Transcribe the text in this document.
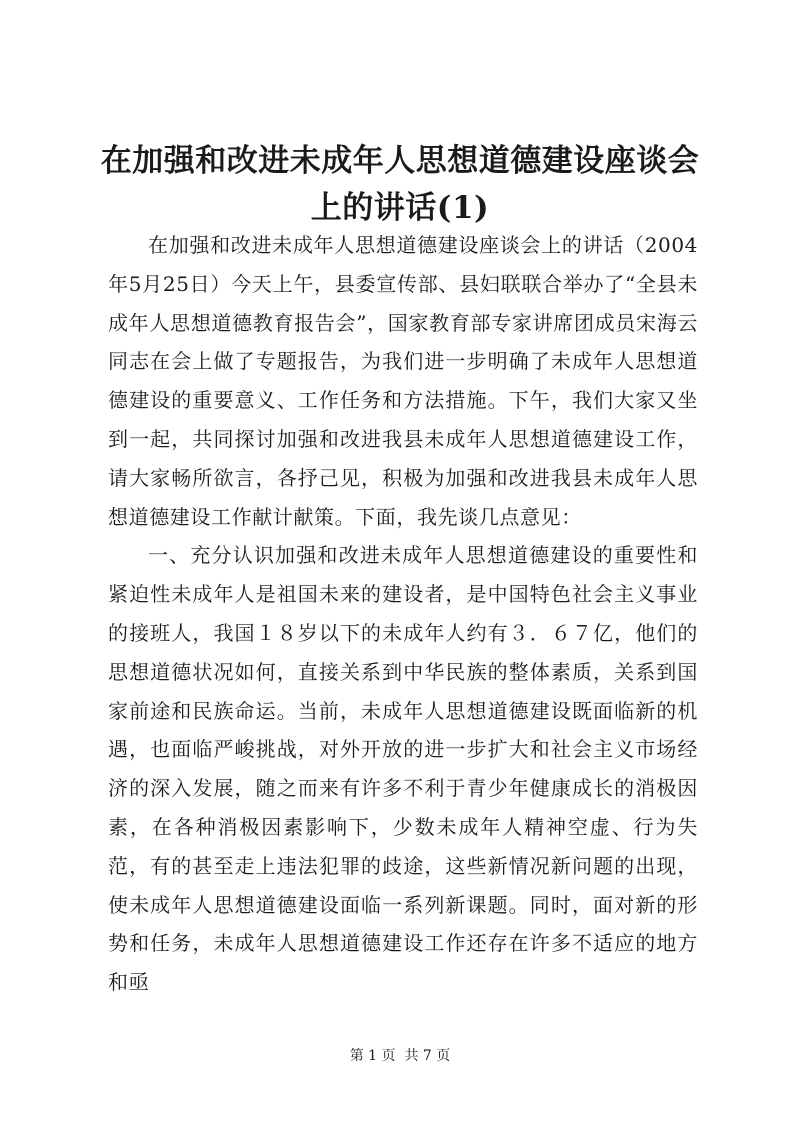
在加强和改进未成年人思想道德建设座谈会上的讲话(1)

在加强和改进未成年人思想道德建设座谈会上的讲话（2004年5月25日）今天上午，县委宣传部、县妇联联合举办了“全县未成年人思想道德教育报告会”，国家教育部专家讲席团成员宋海云同志在会上做了专题报告，为我们进一步明确了未成年人思想道德建设的重要意义、工作任务和方法措施。下午，我们大家又坐到一起，共同探讨加强和改进我县未成年人思想道德建设工作，请大家畅所欲言，各抒己见，积极为加强和改进我县未成年人思想道德建设工作献计献策。下面，我先谈几点意见：

一、充分认识加强和改进未成年人思想道德建设的重要性和紧迫性未成年人是祖国未来的建设者，是中国特色社会主义事业的接班人，我国１８岁以下的未成年人约有３．６７亿，他们的思想道德状况如何，直接关系到中华民族的整体素质，关系到国家前途和民族命运。当前，未成年人思想道德建设既面临新的机遇，也面临严峻挑战，对外开放的进一步扩大和社会主义市场经济的深入发展，随之而来有许多不利于青少年健康成长的消极因素，在各种消极因素影响下，少数未成年人精神空虚、行为失范，有的甚至走上违法犯罪的歧途，这些新情况新问题的出现，使未成年人思想道德建设面临一系列新课题。同时，面对新的形势和任务，未成年人思想道德建设工作还存在许多不适应的地方和亟

第 1 页 共 7 页
